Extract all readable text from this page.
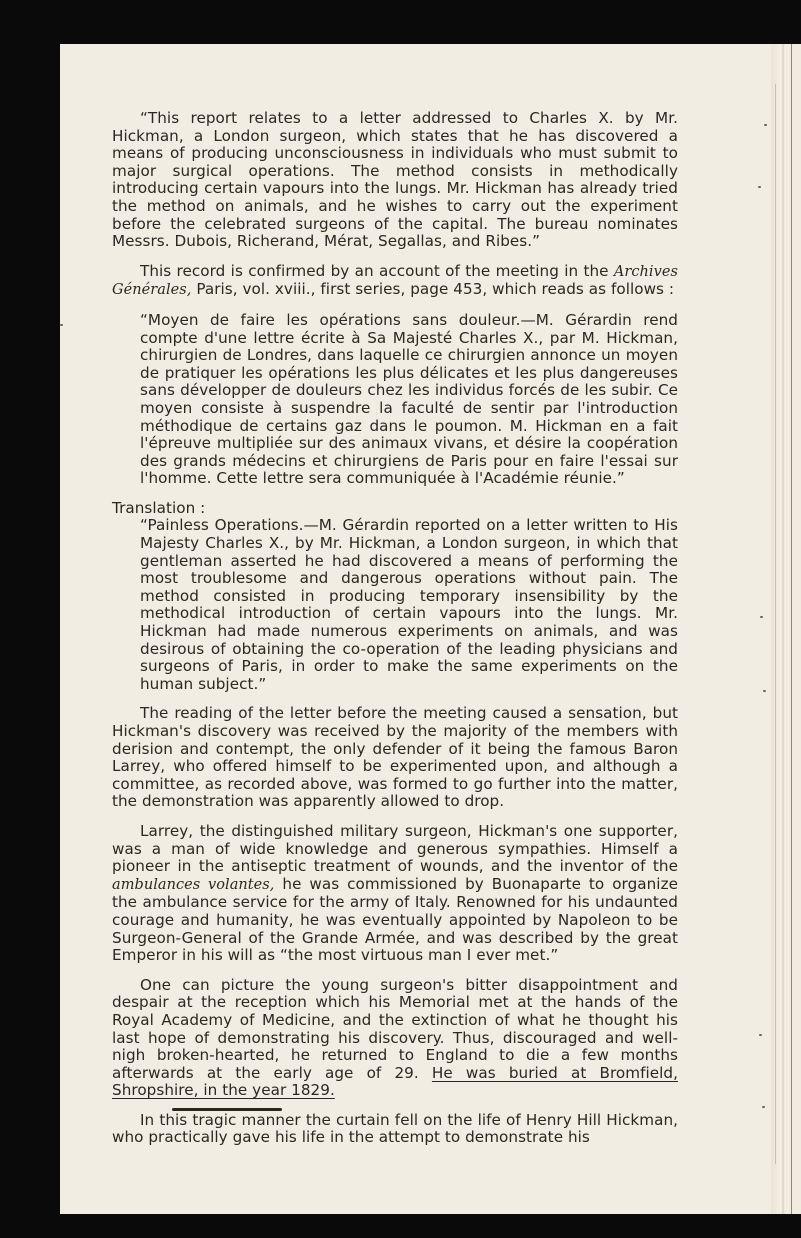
“This report relates to a letter addressed to Charles X. by Mr. Hickman, a London surgeon, which states that he has discovered a means of producing unconsciousness in individuals who must submit to major surgical operations. The method consists in methodically introducing certain vapours into the lungs. Mr. Hickman has already tried the method on animals, and he wishes to carry out the experiment before the celebrated surgeons of the capital. The bureau nominates Messrs. Dubois, Richerand, Mérat, Segallas, and Ribes.”

This record is confirmed by an account of the meeting in the Archives Générales, Paris, vol. xviii., first series, page 453, which reads as follows :

“Moyen de faire les opérations sans douleur.—M. Gérardin rend compte d'une lettre écrite à Sa Majesté Charles X., par M. Hickman, chirurgien de Londres, dans laquelle ce chirurgien annonce un moyen de pratiquer les opérations les plus délicates et les plus dangereuses sans développer de douleurs chez les individus forcés de les subir. Ce moyen consiste à suspendre la faculté de sentir par l'introduction méthodique de certains gaz dans le poumon. M. Hickman en a fait l'épreuve multipliée sur des animaux vivans, et désire la coopération des grands médecins et chirurgiens de Paris pour en faire l'essai sur l'homme. Cette lettre sera communiquée à l'Académie réunie.”

Translation :

“Painless Operations.—M. Gérardin reported on a letter written to His Majesty Charles X., by Mr. Hickman, a London surgeon, in which that gentleman asserted he had discovered a means of performing the most troublesome and dangerous operations without pain. The method consisted in producing temporary insensibility by the methodical introduction of certain vapours into the lungs. Mr. Hickman had made numerous experiments on animals, and was desirous of obtaining the co-operation of the leading physicians and surgeons of Paris, in order to make the same experiments on the human subject.”

The reading of the letter before the meeting caused a sensation, but Hickman's discovery was received by the majority of the members with derision and contempt, the only defender of it being the famous Baron Larrey, who offered himself to be experimented upon, and although a committee, as recorded above, was formed to go further into the matter, the demonstration was apparently allowed to drop.

Larrey, the distinguished military surgeon, Hickman's one supporter, was a man of wide knowledge and generous sympathies. Himself a pioneer in the antiseptic treatment of wounds, and the inventor of the ambulances volantes, he was commissioned by Buonaparte to organize the ambulance service for the army of Italy. Renowned for his undaunted courage and humanity, he was eventually appointed by Napoleon to be Surgeon-General of the Grande Armée, and was described by the great Emperor in his will as “the most virtuous man I ever met.”

One can picture the young surgeon's bitter disappointment and despair at the reception which his Memorial met at the hands of the Royal Academy of Medicine, and the extinction of what he thought his last hope of demonstrating his discovery. Thus, discouraged and well-nigh broken-hearted, he returned to England to die a few months afterwards at the early age of 29. He was buried at Bromfield, Shropshire, in the year 1829.

In this tragic manner the curtain fell on the life of Henry Hill Hickman, who practically gave his life in the attempt to demonstrate his
